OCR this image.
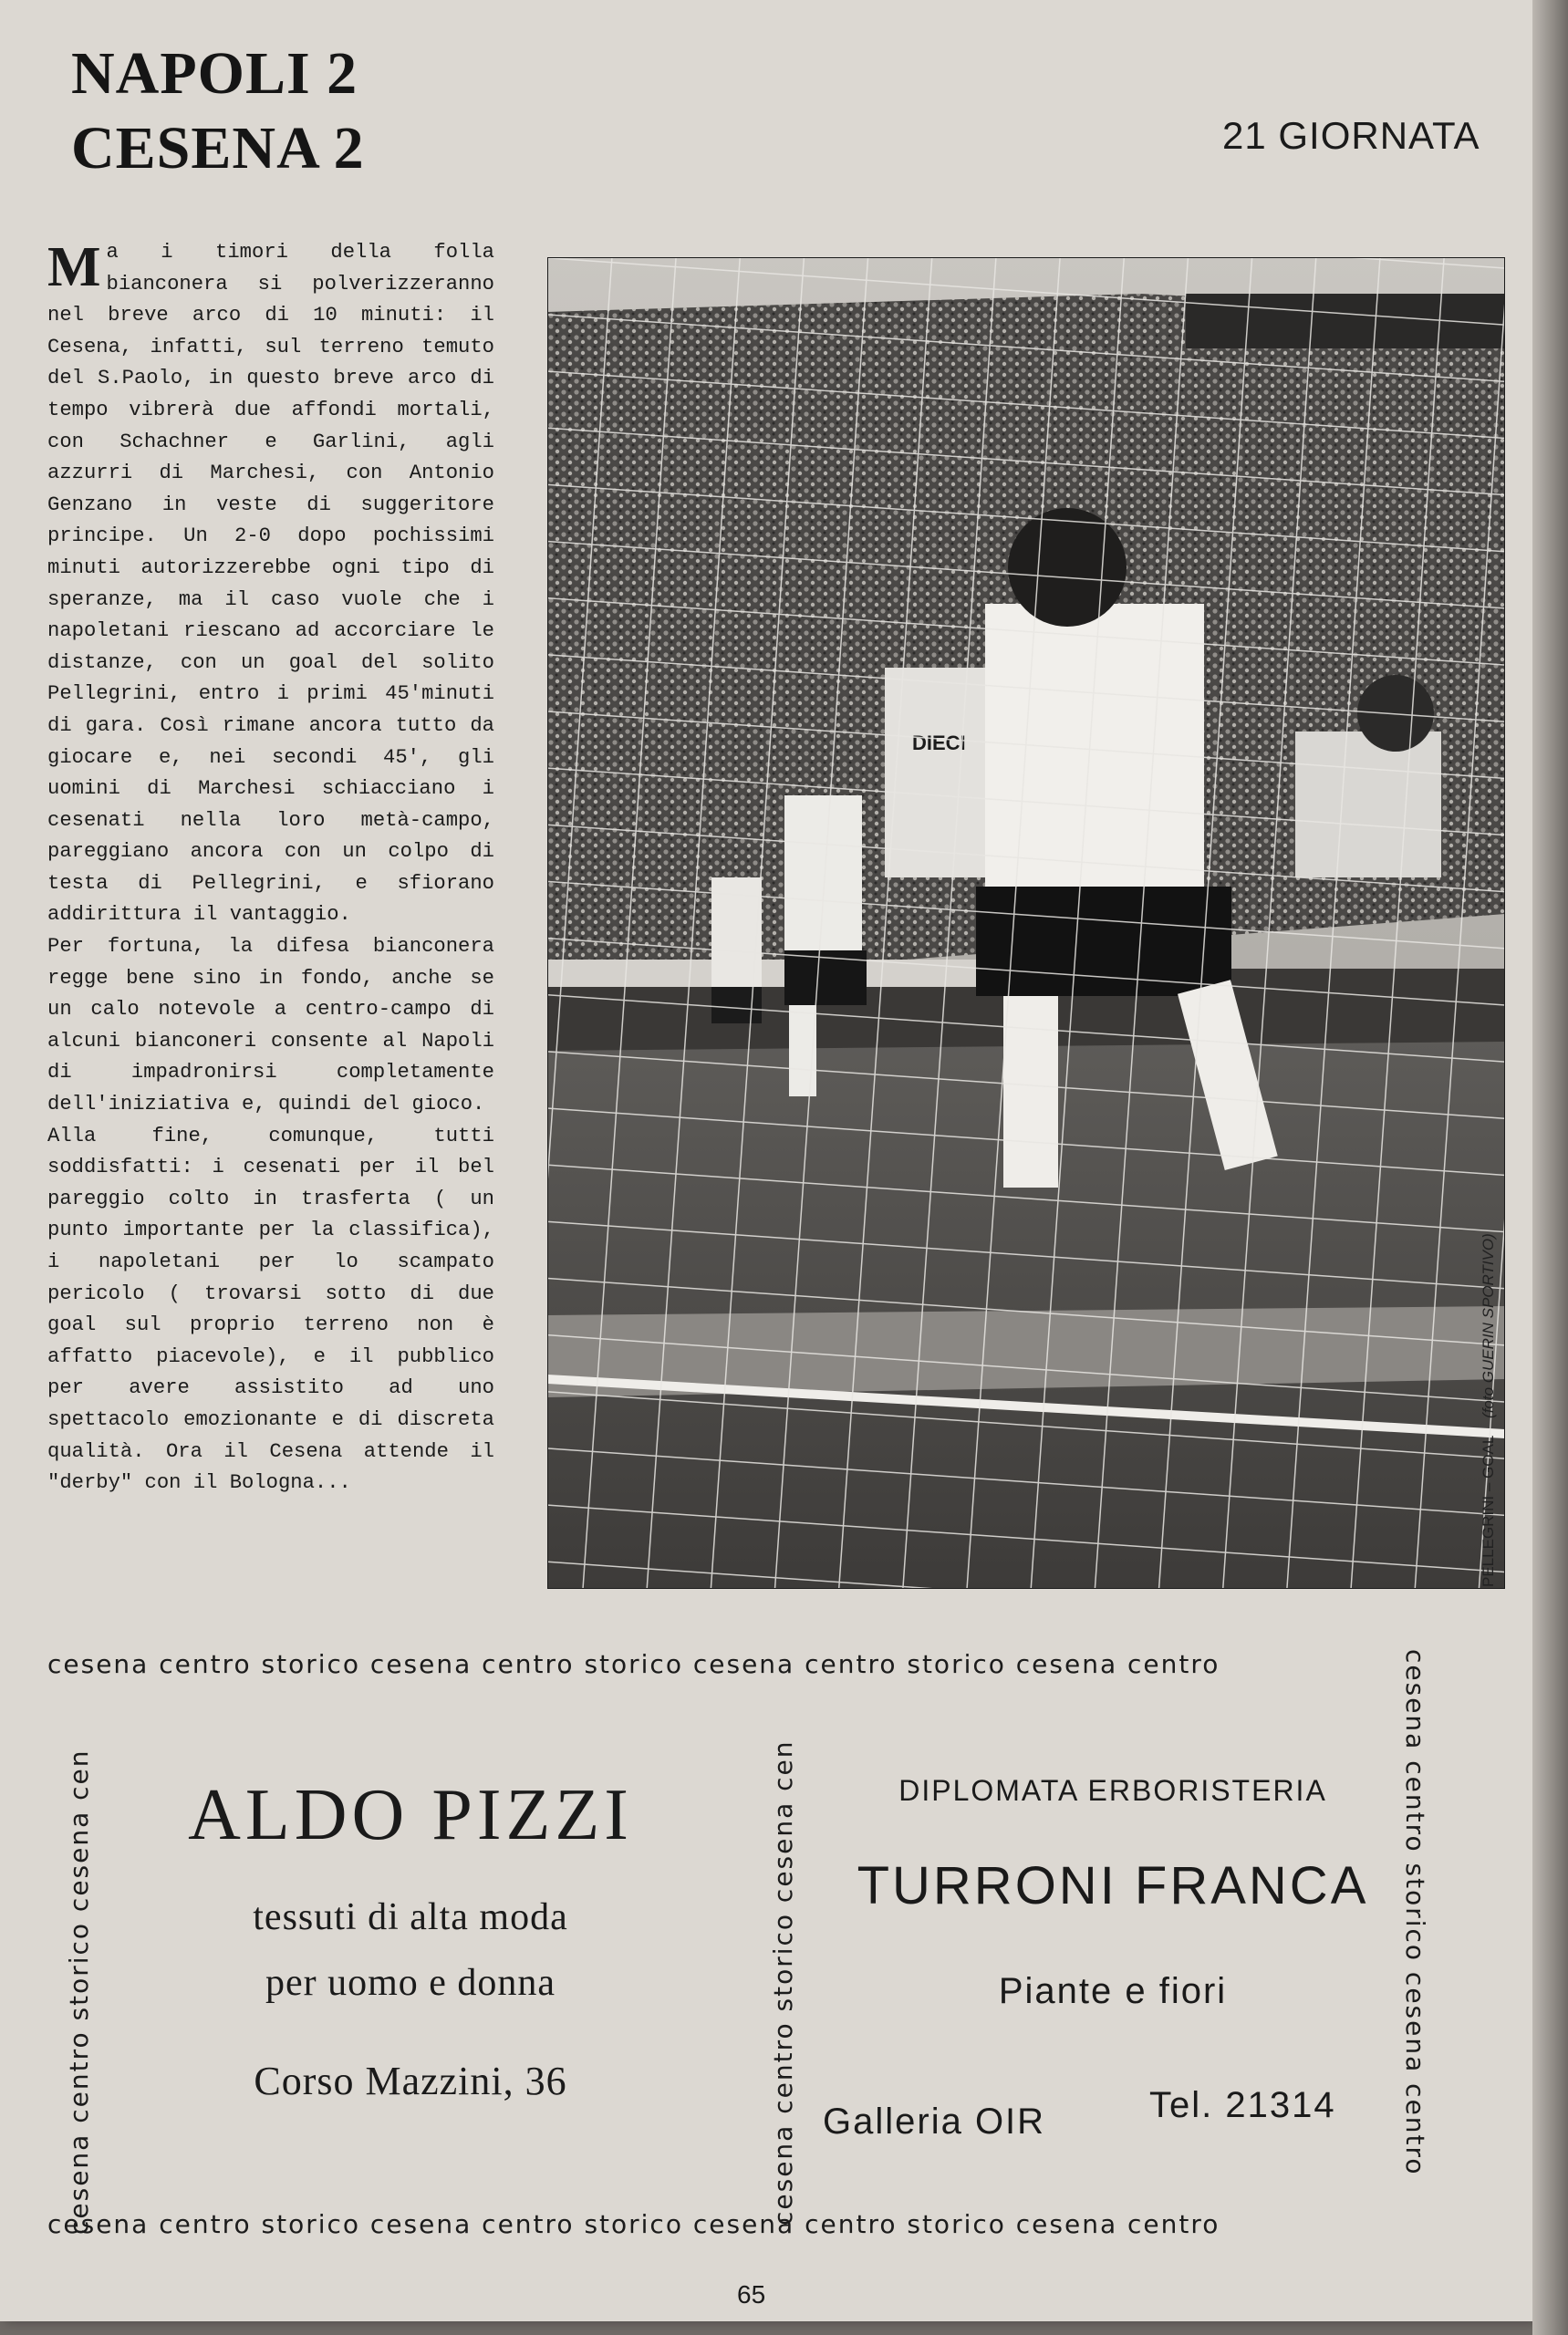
NAPOLI 2
CESENA 2	21 GIORNATA

Ma i timori della folla bianconera si polverizzeranno nel breve arco di 10 minuti: il Cesena, infatti, sul terreno temuto del S.Paolo, in questo breve arco di tempo vibrerà due affondi mortali, con Schachner e Garlini, agli azzurri di Marchesi, con Antonio Genzano in veste di suggeritore principe. Un 2-0 dopo pochissimi minuti autorizzerebbe ogni tipo di speranze, ma il caso vuole che i napoletani riescano ad accorciare le distanze, con un goal del solito Pellegrini, entro i primi 45'minuti di gara. Così rimane ancora tutto da giocare e, nei secondi 45', gli uomini di Marchesi schiacciano i cesenati nella loro metà-campo, pareggiano ancora con un colpo di testa di Pellegrini, e sfiorano addirittura il vantaggio.

Per fortuna, la difesa bianconera regge bene sino in fondo, anche se un calo notevole a centro-campo di alcuni bianconeri consente al Napoli di impadronirsi completamente dell'iniziativa e, quindi del gioco.

Alla fine, comunque, tutti soddisfatti: i cesenati per il bel pareggio colto in trasferta ( un punto importante per la classifica), i napoletani per lo scampato pericolo ( trovarsi sotto di due goal sul proprio terreno non è affatto piacevole), e il pubblico per avere assistito ad uno spettacolo emozionante e di discreta qualità. Ora il Cesena attende il "derby" con il Bologna...	PELLEGRINI – GOAL (foto GUERIN SPORTIVO)
cesena centro storico cesena centro storico cesena centro storico cesena centro
cesena centro storico cesena centro storico cesena centro storico cesena centro
cesena centro storico cesena cen	cesena centro storico cesena cen	cesena centro storico cesena centro
ALDO PIZZI
tessuti di alta moda
per uomo e donna
Corso Mazzini, 36
DIPLOMATA ERBORISTERIA
TURRONI FRANCA
Piante e fiori
Galleria OIR	Tel. 21314
65
